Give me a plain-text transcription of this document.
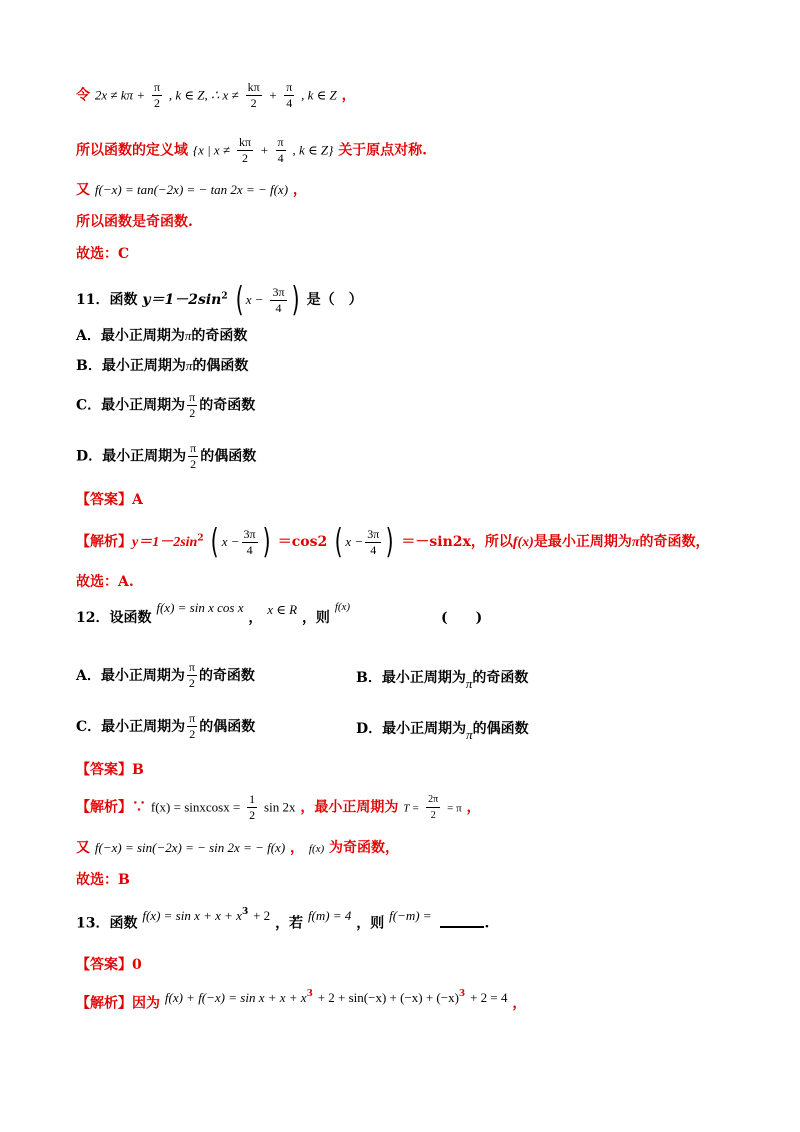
令 $2x \ne k\pi + \frac{\pi}{2}$ , k ∈ Z, ∴ $x \ne \frac{k\pi}{2} + \frac{\pi}{4}$ , k ∈ Z ，
所以函数的定义域 {x | $x \ne \frac{k\pi}{2} + \frac{\pi}{4}$ , k ∈ Z} 关于原点对称.
又 f(−x) = tan(−2x) = − tan 2x = − f(x) ，
所以函数是奇函数.
故选：C
11．函数 $y=1-2\sin^2$ ( $x - \frac{3\pi}{4}$ ) 是（　）
A．最小正周期为π的奇函数
B．最小正周期为π的偶函数
C．最小正周期为 $\frac{\pi}{2}$ 的奇函数
D．最小正周期为 $\frac{\pi}{2}$ 的偶函数
【答案】A
【解析】$y=1-2\sin^2$ ( $x - \frac{3\pi}{4}$ ) ＝cos2 ( $x - \frac{3\pi}{4}$ ) ＝－sin2x，所以f(x)是最小正周期为π的奇函数，
故选：A.
12．设函数 f(x) = sin x cos x ， x ∈ R ，则 $^{f(x)}$
(　　)
A．最小正周期为 $\frac{\pi}{2}$ 的奇函数	B．最小正周期为π的奇函数
C．最小正周期为 $\frac{\pi}{2}$ 的偶函数	D．最小正周期为π的偶函数
【答案】B
【解析】∵ f(x) = sinxcosx = $\frac{1}{2}$ sin 2x ，最小正周期为 $T = \frac{2\pi}{2} = \pi$ ，
又 f(−x) = sin(−2x) = − sin 2x = − f(x) ， f(x) 为奇函数，
故选：B
13．函数 $f(x) = \sin x + x + x^3 + 2$ ，若 f(m) = 4 ，则 f(−m) = .
【答案】0
【解析】因为 $f(x) + f(-x) = \sin x + x + x^3 + 2 + \sin(-x) + (-x) + (-x)^3 + 2 = 4$ ，
